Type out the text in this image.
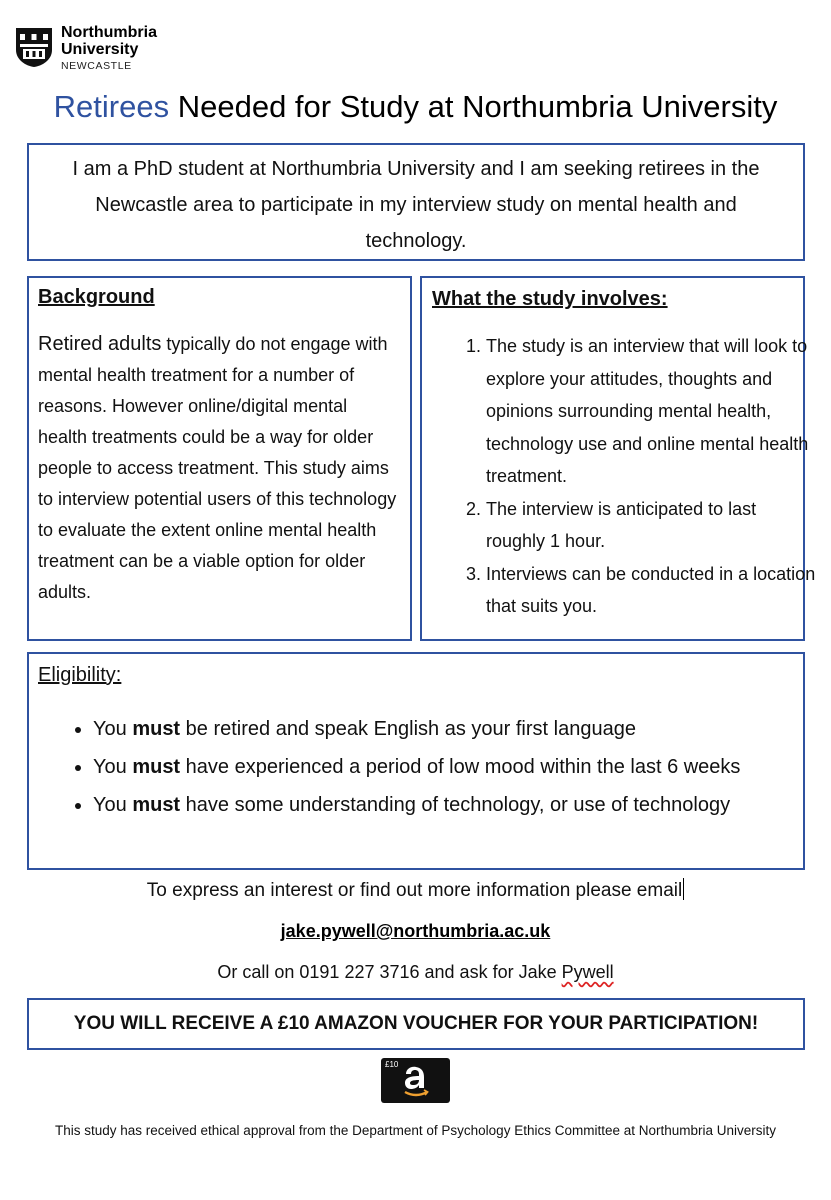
Northumbria
University
NEWCASTLE
Retirees Needed for Study at Northumbria University

I am a PhD student at Northumbria University and I am seeking retirees in the Newcastle area to participate in my interview study on mental health and technology.

Background
Retired adults typically do not engage with mental health treatment for a number of reasons. However online/digital mental health treatments could be a way for older people to access treatment. This study aims to interview potential users of this technology to evaluate the extent online mental health treatment can be a viable option for older adults.
What the study involves:
1. The study is an interview that will look to explore your attitudes, thoughts and opinions surrounding mental health, technology use and online mental health treatment.
2. The interview is anticipated to last roughly 1 hour.
3. Interviews can be conducted in a location that suits you.
Eligibility:
• You must be retired and speak English as your first language
• You must have experienced a period of low mood within the last 6 weeks
• You must have some understanding of technology, or use of technology
To express an interest or find out more information please email
jake.pywell@northumbria.ac.uk
Or call on 0191 227 3716 and ask for Jake Pywell
YOU WILL RECEIVE A £10 AMAZON VOUCHER FOR YOUR PARTICIPATION!
£10
This study has received ethical approval from the Department of Psychology Ethics Committee at Northumbria University
